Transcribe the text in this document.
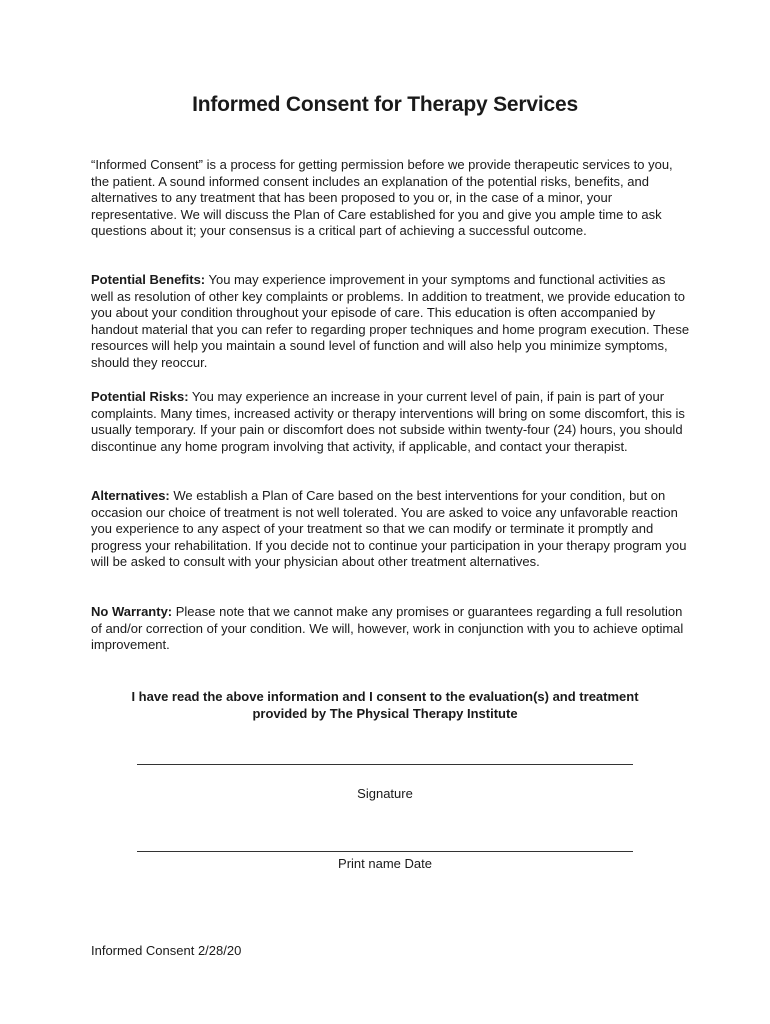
Informed Consent for Therapy Services

“Informed Consent” is a process for getting permission before we provide therapeutic services to you, the patient. A sound informed consent includes an explanation of the potential risks, benefits, and alternatives to any treatment that has been proposed to you or, in the case of a minor, your representative. We will discuss the Plan of Care established for you and give you ample time to ask questions about it; your consensus is a critical part of achieving a successful outcome.

Potential Benefits: You may experience improvement in your symptoms and functional activities as well as resolution of other key complaints or problems. In addition to treatment, we provide education to you about your condition throughout your episode of care. This education is often accompanied by handout material that you can refer to regarding proper techniques and home program execution. These resources will help you maintain a sound level of function and will also help you minimize symptoms, should they reoccur.

Potential Risks: You may experience an increase in your current level of pain, if pain is part of your complaints. Many times, increased activity or therapy interventions will bring on some discomfort, this is usually temporary. If your pain or discomfort does not subside within twenty-four (24) hours, you should discontinue any home program involving that activity, if applicable, and contact your therapist.

Alternatives: We establish a Plan of Care based on the best interventions for your condition, but on occasion our choice of treatment is not well tolerated. You are asked to voice any unfavorable reaction you experience to any aspect of your treatment so that we can modify or terminate it promptly and progress your rehabilitation. If you decide not to continue your participation in your therapy program you will be asked to consult with your physician about other treatment alternatives.

No Warranty: Please note that we cannot make any promises or guarantees regarding a full resolution of and/or correction of your condition. We will, however, work in conjunction with you to achieve optimal improvement.

I have read the above information and I consent to the evaluation(s) and treatment
provided by The Physical Therapy Institute
Signature
Print name Date
Informed Consent 2/28/20
